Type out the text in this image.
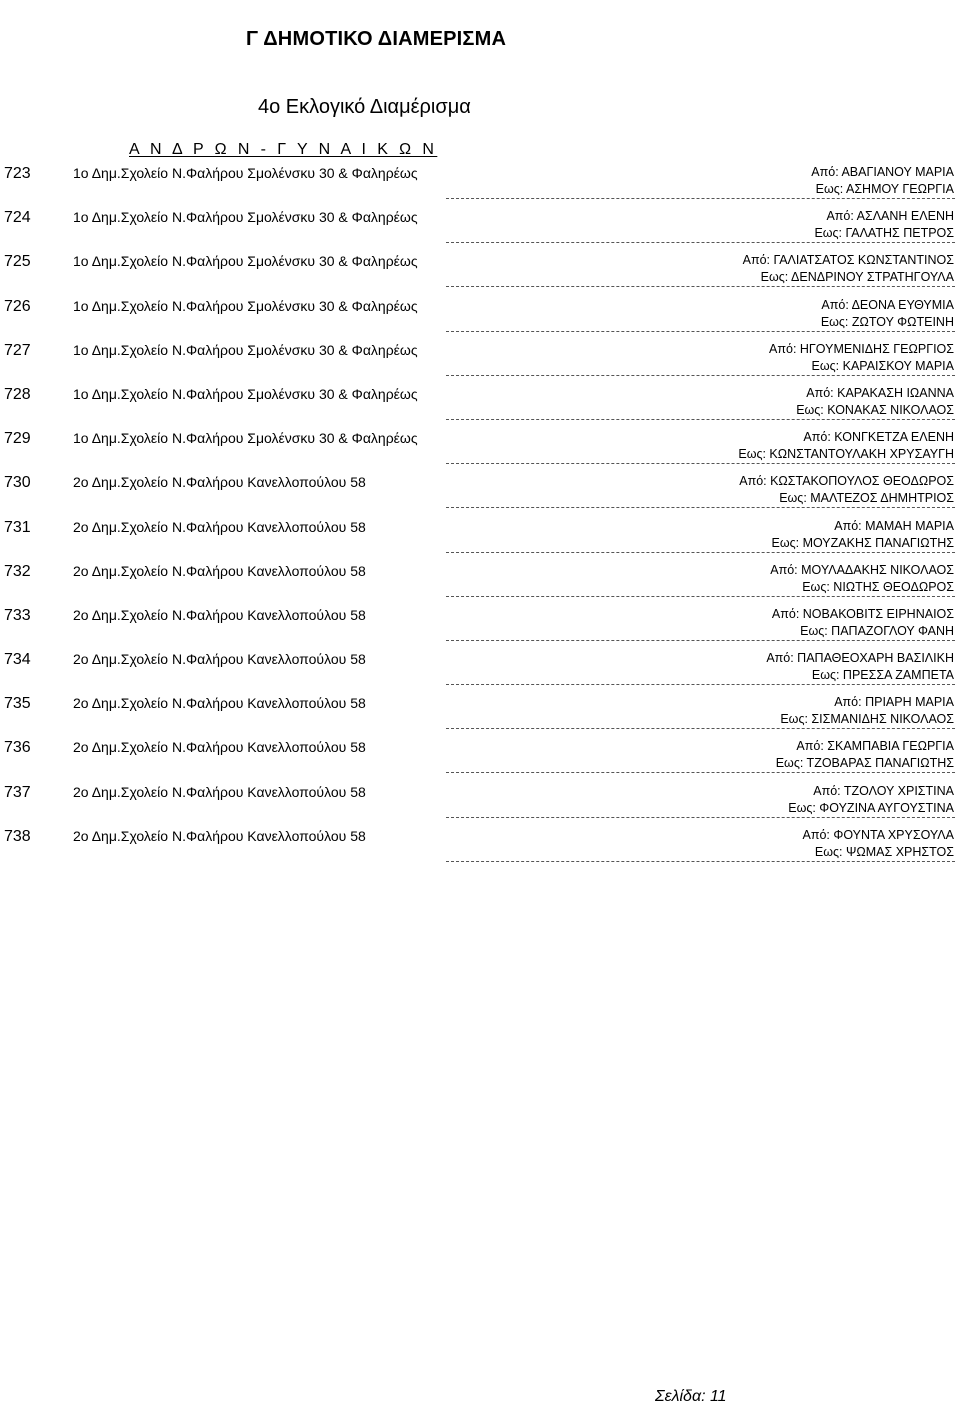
Γ ΔΗΜΟΤΙΚΟ ΔΙΑΜΕΡΙΣΜΑ
4ο Εκλογικό Διαμέρισμα
Α Ν Δ Ρ Ω Ν - Γ Υ Ν Α Ι Κ Ω Ν
723	1ο Δημ.Σχολείο Ν.Φαλήρου Σμολένσκυ 30 & Φαληρέως	Από: ΑΒΑΓΙΑΝΟΥ ΜΑΡΙΑ
Εως: ΑΣΗΜΟΥ ΓΕΩΡΓΙΑ
724	1ο Δημ.Σχολείο Ν.Φαλήρου Σμολένσκυ 30 & Φαληρέως	Από: ΑΣΛΑΝΗ ΕΛΕΝΗ
Εως: ΓΑΛΑΤΗΣ ΠΕΤΡΟΣ
725	1ο Δημ.Σχολείο Ν.Φαλήρου Σμολένσκυ 30 & Φαληρέως	Από: ΓΑΛΙΑΤΣΑΤΟΣ ΚΩΝΣΤΑΝΤΙΝΟΣ
Εως: ΔΕΝΔΡΙΝΟΥ ΣΤΡΑΤΗΓΟΥΛΑ
726	1ο Δημ.Σχολείο Ν.Φαλήρου Σμολένσκυ 30 & Φαληρέως	Από: ΔΕΟΝΑ ΕΥΘΥΜΙΑ
Εως: ΖΩΤΟΥ ΦΩΤΕΙΝΗ
727	1ο Δημ.Σχολείο Ν.Φαλήρου Σμολένσκυ 30 & Φαληρέως	Από: ΗΓΟΥΜΕΝΙΔΗΣ ΓΕΩΡΓΙΟΣ
Εως: ΚΑΡΑΙΣΚΟΥ ΜΑΡΙΑ
728	1ο Δημ.Σχολείο Ν.Φαλήρου Σμολένσκυ 30 & Φαληρέως	Από: ΚΑΡΑΚΑΣΗ ΙΩΑΝΝΑ
Εως: ΚΟΝΑΚΑΣ ΝΙΚΟΛΑΟΣ
729	1ο Δημ.Σχολείο Ν.Φαλήρου Σμολένσκυ 30 & Φαληρέως	Από: ΚΟΝΓΚΕΤΖΑ ΕΛΕΝΗ
Εως: ΚΩΝΣΤΑΝΤΟΥΛΑΚΗ ΧΡΥΣΑΥΓΗ
730	2ο Δημ.Σχολείο Ν.Φαλήρου Κανελλοπούλου 58	Από: ΚΩΣΤΑΚΟΠΟΥΛΟΣ ΘΕΟΔΩΡΟΣ
Εως: ΜΑΛΤΕΖΟΣ ΔΗΜΗΤΡΙΟΣ
731	2ο Δημ.Σχολείο Ν.Φαλήρου Κανελλοπούλου 58	Από: ΜΑΜΑΗ ΜΑΡΙΑ
Εως: ΜΟΥΖΑΚΗΣ ΠΑΝΑΓΙΩΤΗΣ
732	2ο Δημ.Σχολείο Ν.Φαλήρου Κανελλοπούλου 58	Από: ΜΟΥΛΑΔΑΚΗΣ ΝΙΚΟΛΑΟΣ
Εως: ΝΙΩΤΗΣ ΘΕΟΔΩΡΟΣ
733	2ο Δημ.Σχολείο Ν.Φαλήρου Κανελλοπούλου 58	Από: ΝΟΒΑΚΟΒΙΤΣ ΕΙΡΗΝΑΙΟΣ
Εως: ΠΑΠΑΖΟΓΛΟΥ ΦΑΝΗ
734	2ο Δημ.Σχολείο Ν.Φαλήρου Κανελλοπούλου 58	Από: ΠΑΠΑΘΕΟΧΑΡΗ ΒΑΣΙΛΙΚΗ
Εως: ΠΡΕΣΣΑ ΖΑΜΠΕΤΑ
735	2ο Δημ.Σχολείο Ν.Φαλήρου Κανελλοπούλου 58	Από: ΠΡΙΑΡΗ ΜΑΡΙΑ
Εως: ΣΙΣΜΑΝΙΔΗΣ ΝΙΚΟΛΑΟΣ
736	2ο Δημ.Σχολείο Ν.Φαλήρου Κανελλοπούλου 58	Από: ΣΚΑΜΠΑΒΙΑ ΓΕΩΡΓΙΑ
Εως: ΤΖΟΒΑΡΑΣ ΠΑΝΑΓΙΩΤΗΣ
737	2ο Δημ.Σχολείο Ν.Φαλήρου Κανελλοπούλου 58	Από: ΤΖΟΛΟΥ ΧΡΙΣΤΙΝΑ
Εως: ΦΟΥΖΙΝΑ ΑΥΓΟΥΣΤΙΝΑ
738	2ο Δημ.Σχολείο Ν.Φαλήρου Κανελλοπούλου 58	Από: ΦΟΥΝΤΑ ΧΡΥΣΟΥΛΑ
Εως: ΨΩΜΑΣ ΧΡΗΣΤΟΣ
Σελίδα: 11
